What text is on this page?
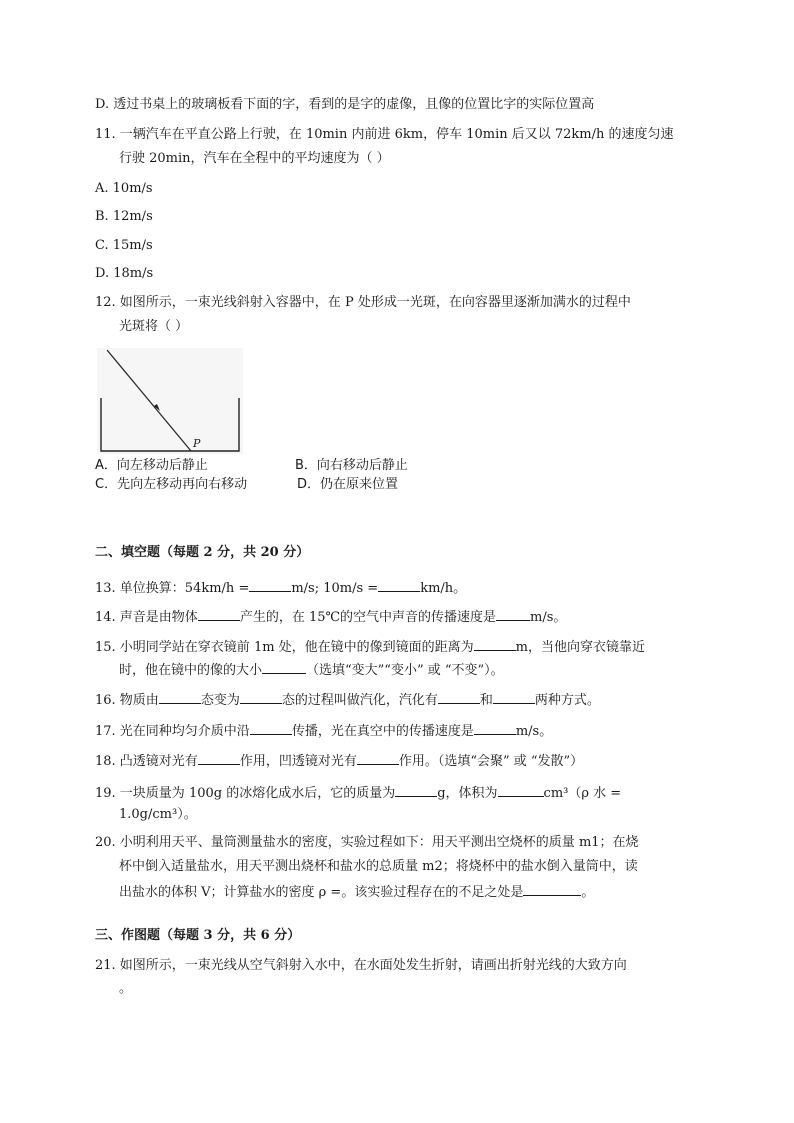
D. 透过书桌上的玻璃板看下面的字，看到的是字的虚像，且像的位置比字的实际位置高
11. 一辆汽车在平直公路上行驶，在 10min 内前进 6km，停车 10min 后又以 72km/h 的速度匀速
行驶 20min，汽车在全程中的平均速度为（ ）
A. 10m/s
B. 12m/s
C. 15m/s
D. 18m/s
12. 如图所示，一束光线斜射入容器中，在 P 处形成一光斑，在向容器里逐渐加满水的过程中
光斑将（ ）
P
A．向左移动后静止	B．向右移动后静止
C．先向左移动再向右移动	D．仍在原来位置
二、填空题（每题 2 分，共 20 分）
13. 单位换算：54km/h =	m/s; 10m/s =	km/h。
14. 声音是由物体	产生的，在 15℃的空气中声音的传播速度是	m/s。
15. 小明同学站在穿衣镜前 1m 处，他在镜中的像到镜面的距离为	m，当他向穿衣镜靠近
时，他在镜中的像的大小	（选填“变大”“变小” 或 “不变”）。
16. 物质由	态变为	态的过程叫做汽化，汽化有	和	两种方式。
17. 光在同种均匀介质中沿	传播，光在真空中的传播速度是	m/s。
18. 凸透镜对光有	作用，凹透镜对光有	作用。（选填“会聚” 或 “发散”）
19. 一块质量为 100g 的冰熔化成水后，它的质量为	g，体积为	cm³（ρ 水 =
1.0g/cm³）。
20. 小明利用天平、量筒测量盐水的密度，实验过程如下：用天平测出空烧杯的质量 m1；在烧
杯中倒入适量盐水，用天平测出烧杯和盐水的总质量 m2；将烧杯中的盐水倒入量筒中，读
出盐水的体积 V；计算盐水的密度 ρ =。该实验过程存在的不足之处是	。
三、作图题（每题 3 分，共 6 分）
21. 如图所示，一束光线从空气斜射入水中，在水面处发生折射，请画出折射光线的大致方向
。
